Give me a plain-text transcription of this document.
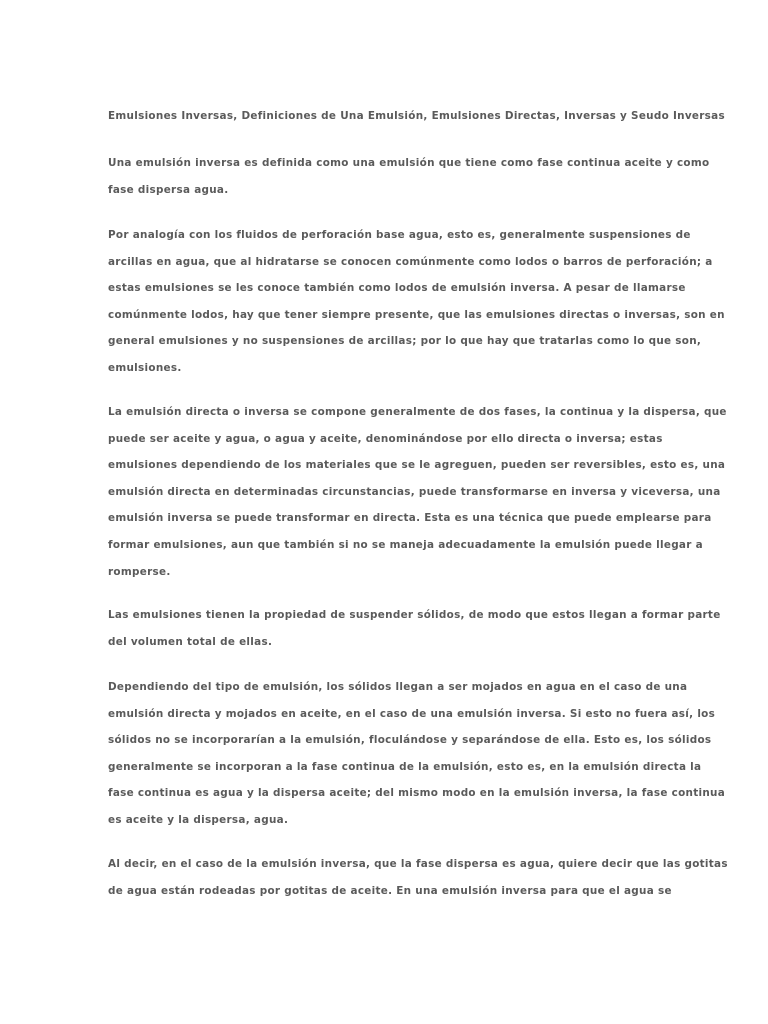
Emulsiones Inversas, Definiciones de Una Emulsión, Emulsiones Directas, Inversas y Seudo Inversas
Una emulsión inversa es definida como una emulsión que tiene como fase continua aceite y como
fase dispersa agua.
Por analogía con los fluidos de perforación base agua, esto es, generalmente suspensiones de
arcillas en agua, que al hidratarse se conocen comúnmente como lodos o barros de perforación; a
estas emulsiones se les conoce también como lodos de emulsión inversa. A pesar de llamarse
comúnmente lodos, hay que tener siempre presente, que las emulsiones directas o inversas, son en
general emulsiones y no suspensiones de arcillas; por lo que hay que tratarlas como lo que son,
emulsiones.
La emulsión directa o inversa se compone generalmente de dos fases, la continua y la dispersa, que
puede ser aceite y agua, o agua y aceite, denominándose por ello directa o inversa; estas
emulsiones dependiendo de los materiales que se le agreguen, pueden ser reversibles, esto es, una
emulsión directa en determinadas circunstancias, puede transformarse en inversa y viceversa, una
emulsión inversa se puede transformar en directa. Esta es una técnica que puede emplearse para
formar emulsiones, aun que también si no se maneja adecuadamente la emulsión puede llegar a
romperse.
Las emulsiones tienen la propiedad de suspender sólidos, de modo que estos llegan a formar parte
del volumen total de ellas.
Dependiendo del tipo de emulsión, los sólidos llegan a ser mojados en agua en el caso de una
emulsión directa y mojados en aceite, en el caso de una emulsión inversa. Si esto no fuera así, los
sólidos no se incorporarían a la emulsión, floculándose y separándose de ella. Esto es, los sólidos
generalmente se incorporan a la fase continua de la emulsión, esto es, en la emulsión directa la
fase continua es agua y la dispersa aceite; del mismo modo en la emulsión inversa, la fase continua
es aceite y la dispersa, agua.
Al decir, en el caso de la emulsión inversa, que la fase dispersa es agua, quiere decir que las gotitas
de agua están rodeadas por gotitas de aceite. En una emulsión inversa para que el agua se
